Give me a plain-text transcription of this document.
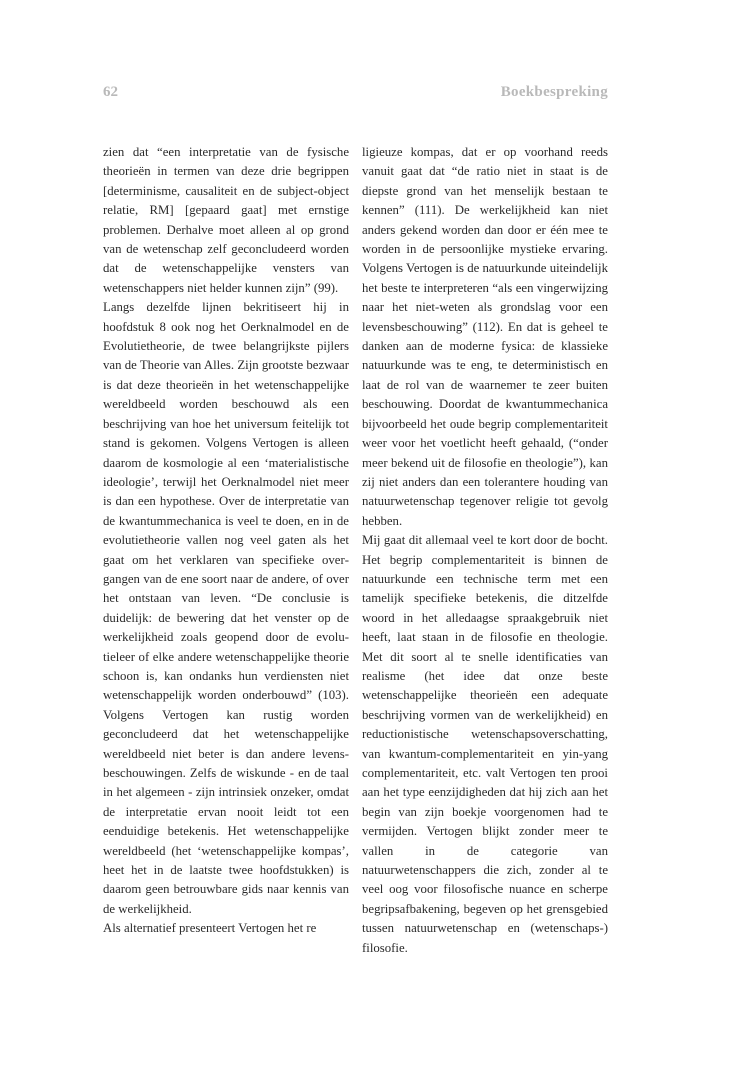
62	Boekbespreking

zien dat “een interpretatie van de fysische theorieën in termen van deze drie begrippen [determinisme, causaliteit en de subject-object relatie, RM] [gepaard gaat] met ernstige problemen. Derhalve moet alleen al op grond van de wetenschap zelf geconcludeerd worden dat de wetenschappelijke vensters van wetenschappers niet helder kunnen zijn” (99).

Langs dezelfde lijnen bekritiseert hij in hoofdstuk 8 ook nog het Oerknalmodel en de Evolutietheorie, de twee belangrijkste pijlers van de Theorie van Alles. Zijn grootste bezwaar is dat deze theorieën in het wetenschappelijke wereldbeeld worden beschouwd als een beschrijving van hoe het universum feitelijk tot stand is gekomen. Volgens Vertogen is alleen daarom de kosmologie al een ‘materialistische ideologie’, terwijl het Oerknalmodel niet meer is dan een hypothese. Over de interpretatie van de kwantummechanica is veel te doen, en in de evolutietheorie vallen nog veel gaten als het gaat om het verklaren van specifieke overgangen van de ene soort naar de andere, of over het ontstaan van leven. “De conclusie is duidelijk: de bewering dat het venster op de werkelijkheid zoals geopend door de evolutieleer of elke andere wetenschappelijke theorie schoon is, kan ondanks hun verdiensten niet wetenschappelijk worden onderbouwd” (103). Volgens Vertogen kan rustig worden geconcludeerd dat het wetenschappelijke wereldbeeld niet beter is dan andere levensbeschouwingen. Zelfs de wiskunde - en de taal in het algemeen - zijn intrinsiek onzeker, omdat de interpretatie ervan nooit leidt tot een eenduidige betekenis. Het wetenschappelijke wereldbeeld (het ‘wetenschappelijke kompas’, heet het in de laatste twee hoofdstukken) is daarom geen betrouwbare gids naar kennis van de werkelijkheid.

Als alternatief presenteert Vertogen het re

ligieuze kompas, dat er op voorhand reeds vanuit gaat dat “de ratio niet in staat is de diepste grond van het menselijk bestaan te kennen” (111). De werkelijkheid kan niet anders gekend worden dan door er één mee te worden in de persoonlijke mystieke ervaring. Volgens Vertogen is de natuurkunde uiteindelijk het beste te interpreteren “als een vingerwijzing naar het niet-weten als grondslag voor een levensbeschouwing” (112). En dat is geheel te danken aan de moderne fysica: de klassieke natuurkunde was te eng, te deterministisch en laat de rol van de waarnemer te zeer buiten beschouwing. Doordat de kwantummechanica bijvoorbeeld het oude begrip complementariteit weer voor het voetlicht heeft gehaald, (“onder meer bekend uit de filosofie en theologie”), kan zij niet anders dan een tolerantere houding van natuurwetenschap tegenover religie tot gevolg hebben.

Mij gaat dit allemaal veel te kort door de bocht. Het begrip complementariteit is binnen de natuurkunde een technische term met een tamelijk specifieke betekenis, die ditzelfde woord in het alledaagse spraakgebruik niet heeft, laat staan in de filosofie en theologie. Met dit soort al te snelle identificaties van realisme (het idee dat onze beste wetenschappelijke theorieën een adequate beschrijving vormen van de werkelijkheid) en reductionistische wetenschapsoverschatting, van kwantum-complementariteit en yin-yang complementariteit, etc. valt Vertogen ten prooi aan het type eenzijdigheden dat hij zich aan het begin van zijn boekje voorgenomen had te vermijden. Vertogen blijkt zonder meer te vallen in de categorie van natuurwetenschappers die zich, zonder al te veel oog voor filosofische nuance en scherpe begripsafbakening, begeven op het grensgebied tussen natuurwetenschap en (wetenschaps-) filosofie.
